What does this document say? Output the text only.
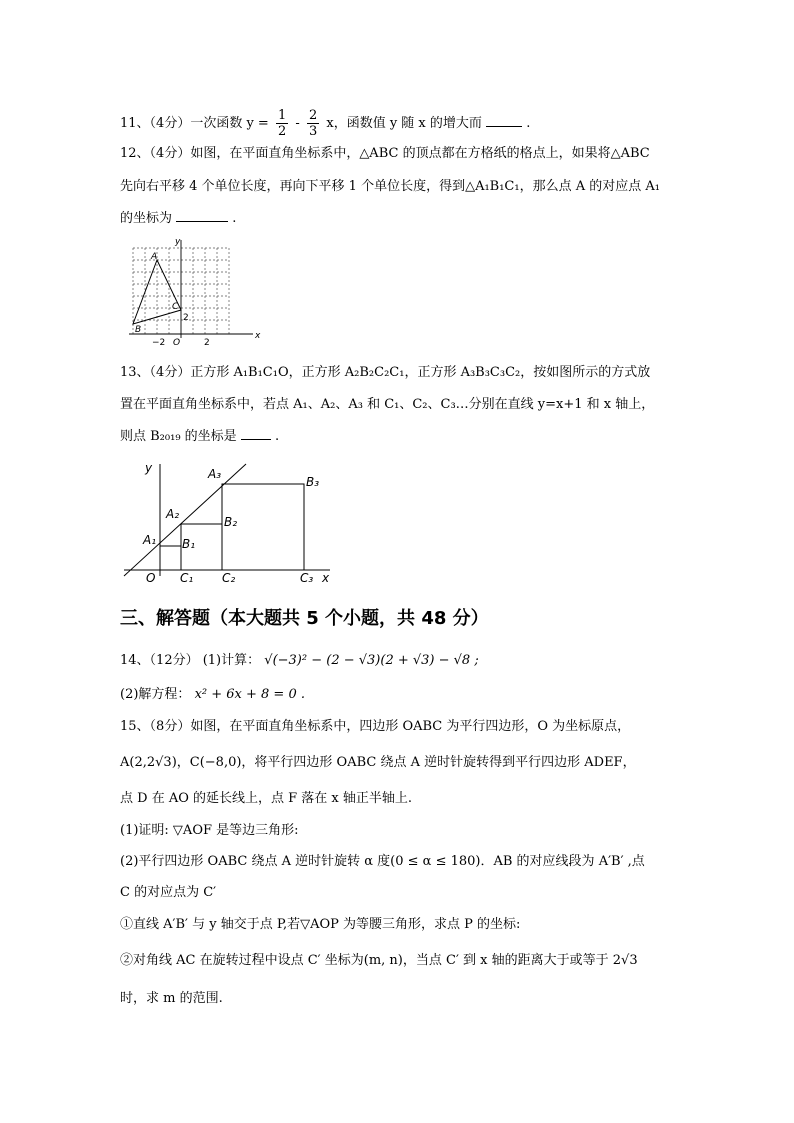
11、（4分）一次函数 $y = \frac{1}{2} - \frac{2}{3}$ x，函数值 y 随 x 的增大而	.
12、（4分）如图，在平面直角坐标系中，△ABC 的顶点都在方格纸的格点上，如果将△ABC
先向右平移 4 个单位长度，再向下平移 1 个单位长度，得到△A₁B₁C₁，那么点 A 的对应点 A₁
的坐标为	.
y
x
A
B
C
2
O
−2	2
13、（4分）正方形 A₁B₁C₁O，正方形 A₂B₂C₂C₁，正方形 A₃B₃C₃C₂，按如图所示的方式放
置在平面直角坐标系中，若点 A₁、A₂、A₃ 和 C₁、C₂、C₃…分别在直线 y=x+1 和 x 轴上，
则点 B₂₀₁₉ 的坐标是	.
y
x
O
A₁
A₂
A₃
B₁
B₂
B₃
C₁ C₂	C₃
三、解答题（本大题共 5 个小题，共 48 分）
14、（12分） (1)计算： √(−3)² − (2 − √3)(2 + √3) − √8 ;
(2)解方程： x² + 6x + 8 = 0 .
15、（8分）如图，在平面直角坐标系中，四边形 OABC 为平行四边形，O 为坐标原点，
A(2,2√3)，C(−8,0)，将平行四边形 OABC 绕点 A 逆时针旋转得到平行四边形 ADEF，
点 D 在 AO 的延长线上，点 F 落在 x 轴正半轴上.
(1)证明: ▽AOF 是等边三角形:
(2)平行四边形 OABC 绕点 A 逆时针旋转 α 度(0 ≤ α ≤ 180)．AB 的对应线段为 A′B′ ,点
C 的对应点为 C′
①直线 A′B′ 与 y 轴交于点 P,若▽AOP 为等腰三角形，求点 P 的坐标:
②对角线 AC 在旋转过程中设点 C′ 坐标为(m, n)，当点 C′ 到 x 轴的距离大于或等于 2√3
时，求 m 的范围.
